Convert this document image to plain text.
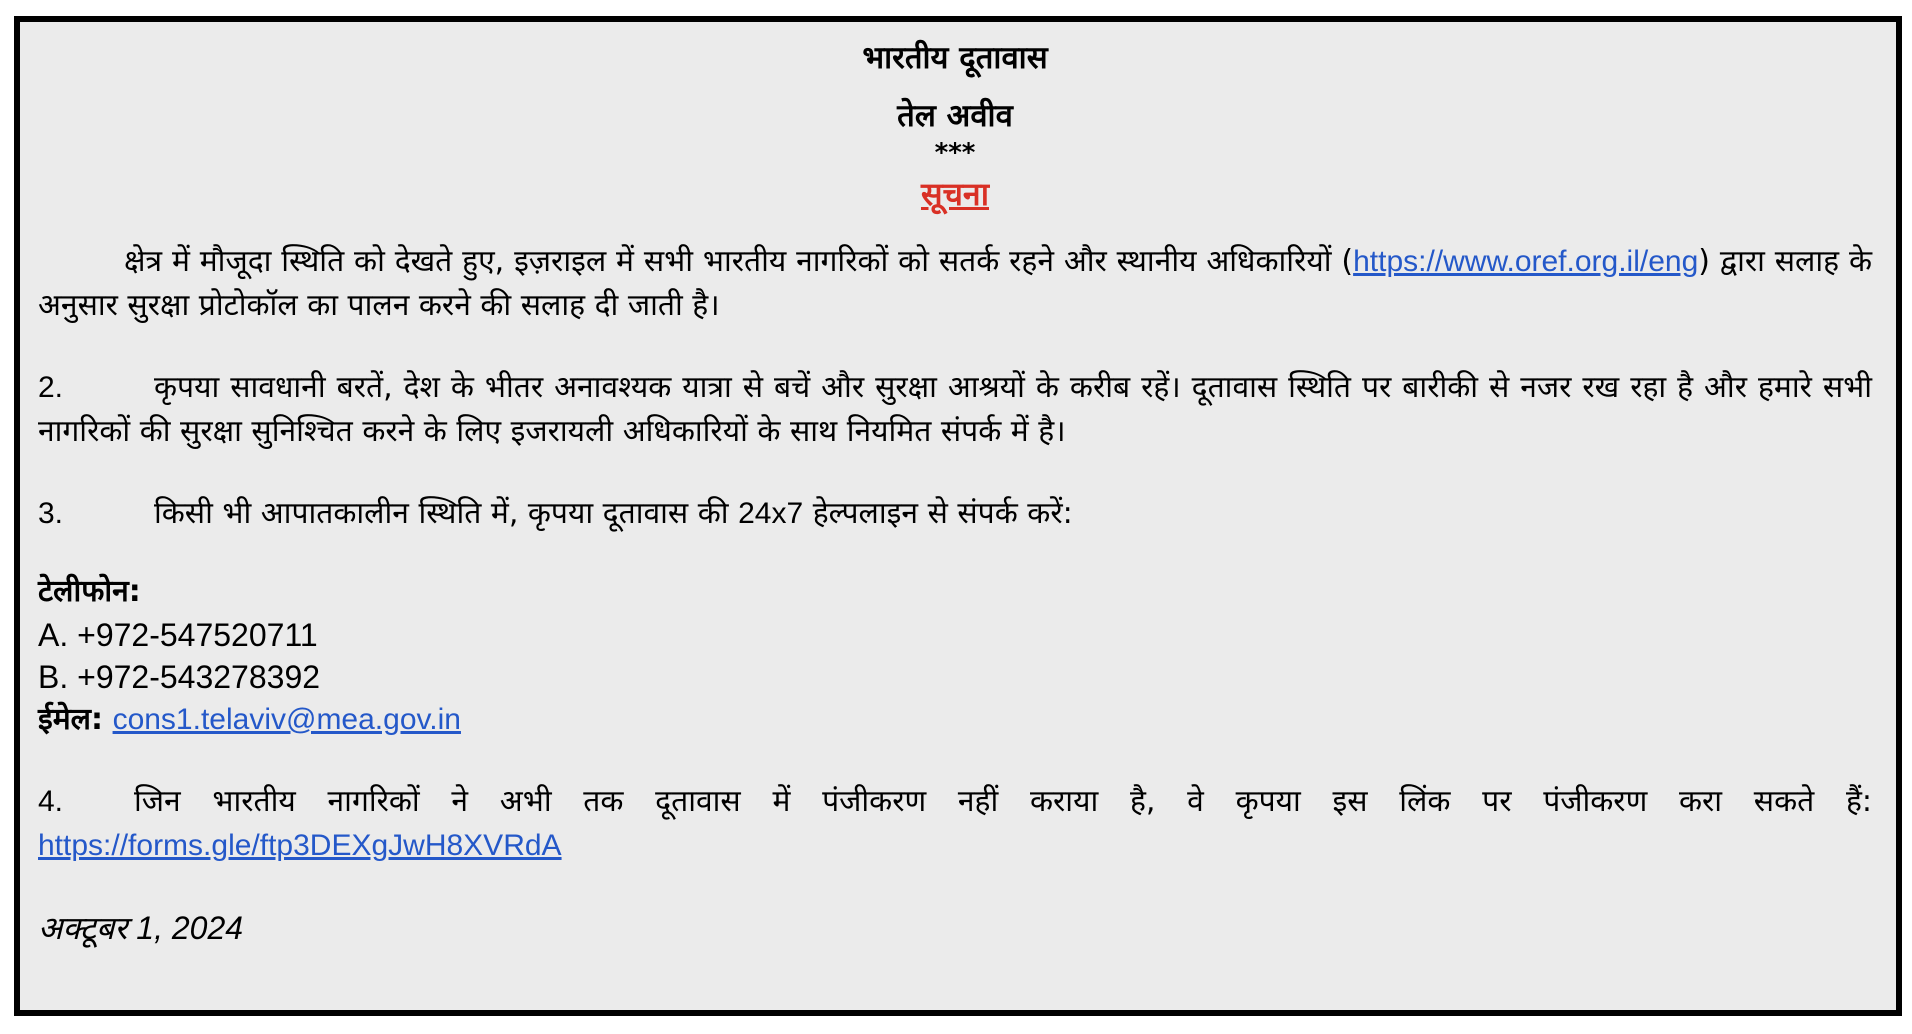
भारतीय दूतावास

तेल अवीव

***

सूचना

क्षेत्र में मौजूदा स्थिति को देखते हुए, इज़राइल में सभी भारतीय नागरिकों को सतर्क रहने और स्थानीय अधिकारियों (https://www.oref.org.il/eng) द्वारा सलाह के अनुसार सुरक्षा प्रोटोकॉल का पालन करने की सलाह दी जाती है।

2.	कृपया सावधानी बरतें, देश के भीतर अनावश्यक यात्रा से बचें और सुरक्षा आश्रयों के करीब रहें। दूतावास स्थिति पर बारीकी से नजर रख रहा है और हमारे सभी नागरिकों की सुरक्षा सुनिश्चित करने के लिए इजरायली अधिकारियों के साथ नियमित संपर्क में है।

3.	किसी भी आपातकालीन स्थिति में, कृपया दूतावास की 24x7 हेल्पलाइन से संपर्क करें:

टेलीफोन:

A. +972-547520711

B. +972-543278392

ईमेल: cons1.telaviv@mea.gov.in

4. जिन भारतीय नागरिकों ने अभी तक दूतावास में पंजीकरण नहीं कराया है, वे कृपया इस लिंक पर पंजीकरण करा सकते हैं: https://forms.gle/ftp3DEXgJwH8XVRdA

अक्टूबर 1, 2024
